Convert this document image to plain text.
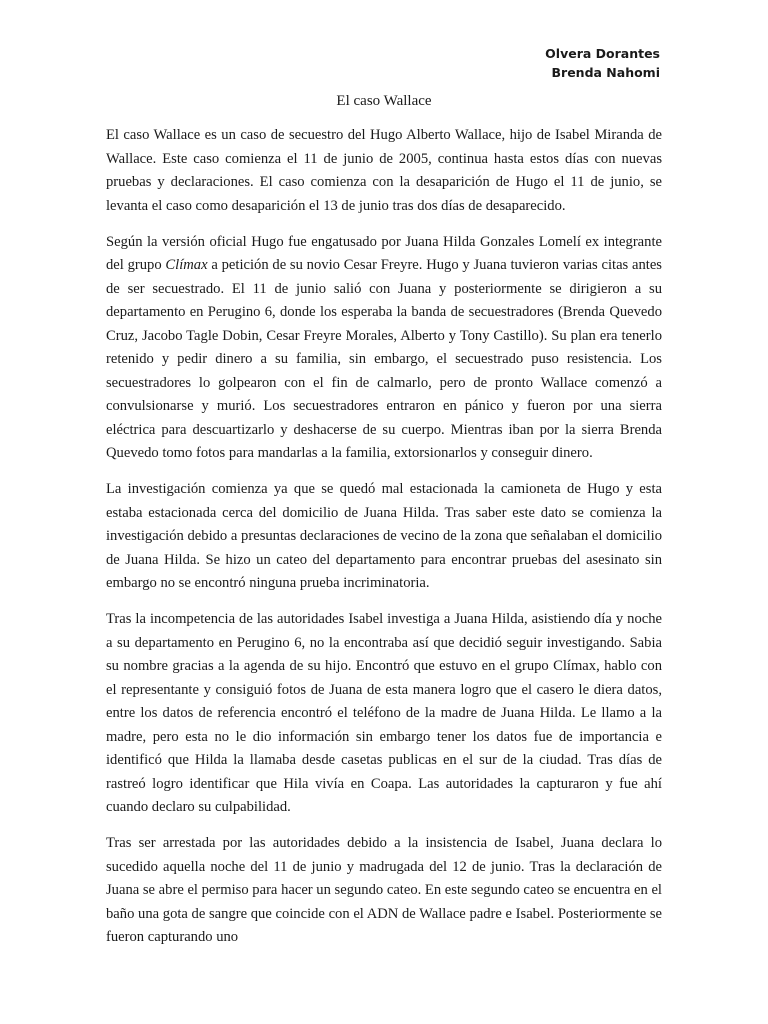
Olvera Dorantes
Brenda Nahomi
El caso Wallace

El caso Wallace es un caso de secuestro del Hugo Alberto Wallace, hijo de Isabel Miranda de Wallace. Este caso comienza el 11 de junio de 2005, continua hasta estos días con nuevas pruebas y declaraciones. El caso comienza con la desaparición de Hugo el 11 de junio, se levanta el caso como desaparición el 13 de junio tras dos días de desaparecido.

Según la versión oficial Hugo fue engatusado por Juana Hilda Gonzales Lomelí ex integrante del grupo Clímax a petición de su novio Cesar Freyre. Hugo y Juana tuvieron varias citas antes de ser secuestrado. El 11 de junio salió con Juana y posteriormente se dirigieron a su departamento en Perugino 6, donde los esperaba la banda de secuestradores (Brenda Quevedo Cruz, Jacobo Tagle Dobin, Cesar Freyre Morales, Alberto y Tony Castillo). Su plan era tenerlo retenido y pedir dinero a su familia, sin embargo, el secuestrado puso resistencia. Los secuestradores lo golpearon con el fin de calmarlo, pero de pronto Wallace comenzó a convulsionarse y murió. Los secuestradores entraron en pánico y fueron por una sierra eléctrica para descuartizarlo y deshacerse de su cuerpo. Mientras iban por la sierra Brenda Quevedo tomo fotos para mandarlas a la familia, extorsionarlos y conseguir dinero.

La investigación comienza ya que se quedó mal estacionada la camioneta de Hugo y esta estaba estacionada cerca del domicilio de Juana Hilda. Tras saber este dato se comienza la investigación debido a presuntas declaraciones de vecino de la zona que señalaban el domicilio de Juana Hilda. Se hizo un cateo del departamento para encontrar pruebas del asesinato sin embargo no se encontró ninguna prueba incriminatoria.

Tras la incompetencia de las autoridades Isabel investiga a Juana Hilda, asistiendo día y noche a su departamento en Perugino 6, no la encontraba así que decidió seguir investigando. Sabia su nombre gracias a la agenda de su hijo. Encontró que estuvo en el grupo Clímax, hablo con el representante y consiguió fotos de Juana de esta manera logro que el casero le diera datos, entre los datos de referencia encontró el teléfono de la madre de Juana Hilda. Le llamo a la madre, pero esta no le dio información sin embargo tener los datos fue de importancia e identificó que Hilda la llamaba desde casetas publicas en el sur de la ciudad. Tras días de rastreó logro identificar que Hila vivía en Coapa. Las autoridades la capturaron y fue ahí cuando declaro su culpabilidad.

Tras ser arrestada por las autoridades debido a la insistencia de Isabel, Juana declara lo sucedido aquella noche del 11 de junio y madrugada del 12 de junio. Tras la declaración de Juana se abre el permiso para hacer un segundo cateo. En este segundo cateo se encuentra en el baño una gota de sangre que coincide con el ADN de Wallace padre e Isabel. Posteriormente se fueron capturando uno
